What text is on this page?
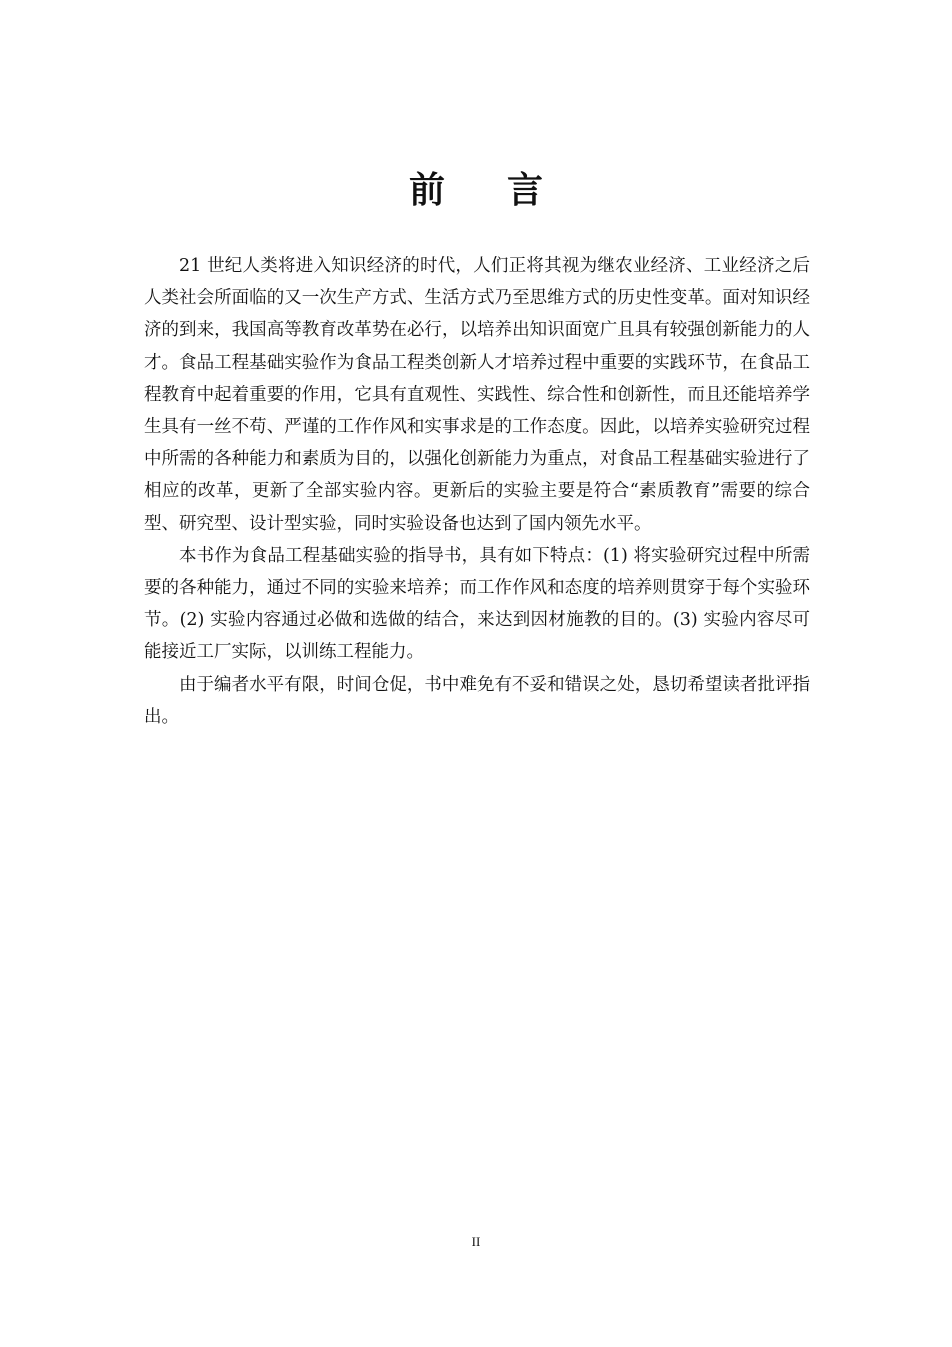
前 言

21 世纪人类将进入知识经济的时代，人们正将其视为继农业经济、工业经济之后人类社会所面临的又一次生产方式、生活方式乃至思维方式的历史性变革。面对知识经济的到来，我国高等教育改革势在必行，以培养出知识面宽广且具有较强创新能力的人才。食品工程基础实验作为食品工程类创新人才培养过程中重要的实践环节，在食品工程教育中起着重要的作用，它具有直观性、实践性、综合性和创新性，而且还能培养学生具有一丝不苟、严谨的工作作风和实事求是的工作态度。因此，以培养实验研究过程中所需的各种能力和素质为目的，以强化创新能力为重点，对食品工程基础实验进行了相应的改革，更新了全部实验内容。更新后的实验主要是符合“素质教育”需要的综合型、研究型、设计型实验，同时实验设备也达到了国内领先水平。

本书作为食品工程基础实验的指导书，具有如下特点：(1) 将实验研究过程中所需要的各种能力，通过不同的实验来培养；而工作作风和态度的培养则贯穿于每个实验环节。(2) 实验内容通过必做和选做的结合，来达到因材施教的目的。(3) 实验内容尽可能接近工厂实际，以训练工程能力。

由于编者水平有限，时间仓促，书中难免有不妥和错误之处，恳切希望读者批评指出。

II
